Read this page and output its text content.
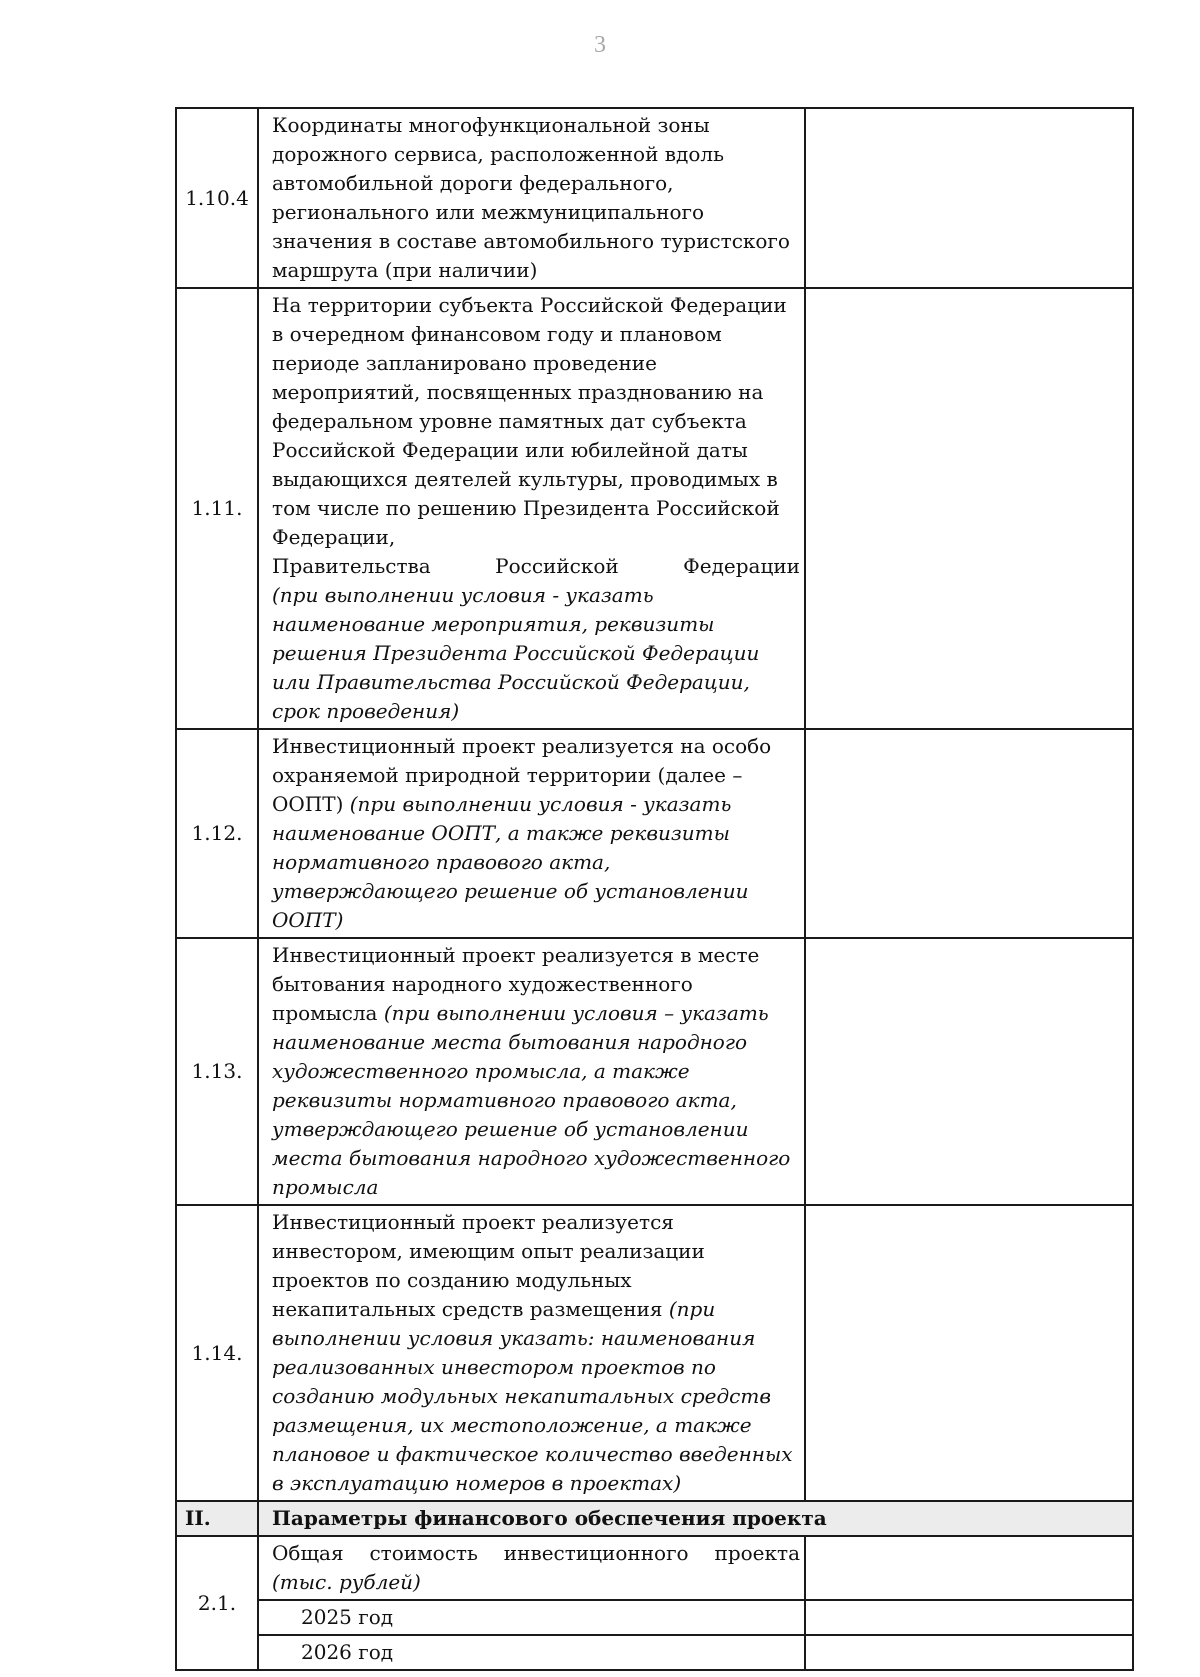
3
1.10.4	Координаты многофункциональной зоны дорожного сервиса, расположенной вдоль автомобильной дороги федерального, регионального или межмуниципального значения в составе автомобильного туристского маршрута (при наличии)	
1.11.	На территории субъекта Российской Федерации в очередном финансовом году и плановом периоде запланировано проведение мероприятий, посвященных празднованию на федеральном уровне памятных дат субъекта Российской Федерации или юбилейной даты выдающихся деятелей культуры, проводимых в том числе по решению Президента Российской Федерации,
Правительства Российской Федерации
(при выполнении условия - указать наименование мероприятия, реквизиты решения Президента Российской Федерации или Правительства Российской Федерации, срок проведения)	
1.12.	Инвестиционный проект реализуется на особо охраняемой природной территории (далее – ООПТ) (при выполнении условия - указать наименование ООПТ, а также реквизиты нормативного правового акта, утверждающего решение об установлении ООПТ)	
1.13.	Инвестиционный проект реализуется в месте бытования народного художественного промысла (при выполнении условия – указать наименование места бытования народного художественного промысла, а также реквизиты нормативного правового акта, утверждающего решение об установлении места бытования народного художественного промысла	
1.14.	Инвестиционный проект реализуется инвестором, имеющим опыт реализации проектов по созданию модульных некапитальных средств размещения (при выполнении условия указать: наименования реализованных инвестором проектов по созданию модульных некапитальных средств размещения, их местоположение, а также плановое и фактическое количество введенных в эксплуатацию номеров в проектах)	
II.	Параметры финансового обеспечения проекта	
2.1.	Общая стоимость инвестиционного проекта
(тыс. рублей)	
	2025 год	
	2026 год	
